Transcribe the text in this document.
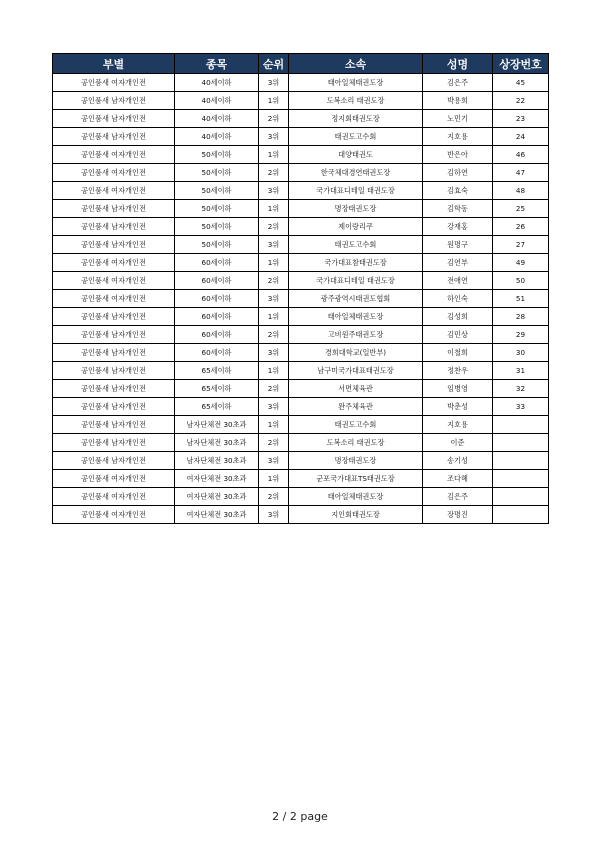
부별	종목	순위	소속	성명	상장번호
공인품새 여자개인전	40세이하	3위	태아일체태권도장	김은주	45
공인품새 남자개인전	40세이하	1위	도복소리 태권도장	박용희	22
공인품새 남자개인전	40세이하	2위	정지회태권도장	노민기	23
공인품새 남자개인전	40세이하	3위	태권도고수회	지호용	24
공인품새 여자개인전	50세이하	1위	대양태권도	반은아	46
공인품새 여자개인전	50세이하	2위	한국체대경연태권도장	김하연	47
공인품새 여자개인전	50세이하	3위	국가대표디테일 태권도장	김효숙	48
공인품새 남자개인전	50세이하	1위	명장태권도장	김학동	25
공인품새 남자개인전	50세이하	2위	제이랑리쿠	강재홍	26
공인품새 남자개인전	50세이하	3위	태권도고수회	원명구	27
공인품새 여자개인전	60세이하	1위	국가대표참태권도장	김연부	49
공인품새 여자개인전	60세이하	2위	국가대표디테일 태권도장	전애연	50
공인품새 여자개인전	60세이하	3위	광주광역시태권도협회	하인숙	51
공인품새 남자개인전	60세이하	1위	태아일체태권도장	김성희	28
공인품새 남자개인전	60세이하	2위	고비원주태권도장	김민상	29
공인품새 남자개인전	60세이하	3위	경희대학교(일반부)	이철희	30
공인품새 남자개인전	65세이하	1위	남구미국가대표태권도장	정찬우	31
공인품새 남자개인전	65세이하	2위	서면체육관	임병영	32
공인품새 남자개인전	65세이하	3위	완주체육관	박춘성	33
공인품새 남자개인전	남자단체전 30초과	1위	태권도고수회	지호용	
공인품새 남자개인전	남자단체전 30초과	2위	도복소리 태권도장	이준	
공인품새 남자개인전	남자단체전 30초과	3위	명장태권도장	송기성	
공인품새 여자개인전	여자단체전 30초과	1위	군포국가대표TS태권도장	조다혜	
공인품새 여자개인전	여자단체전 30초과	2위	태아일체태권도장	김은주	
공인품새 여자개인전	여자단체전 30초과	3위	지인회태권도장	장명진	
2 / 2 page
